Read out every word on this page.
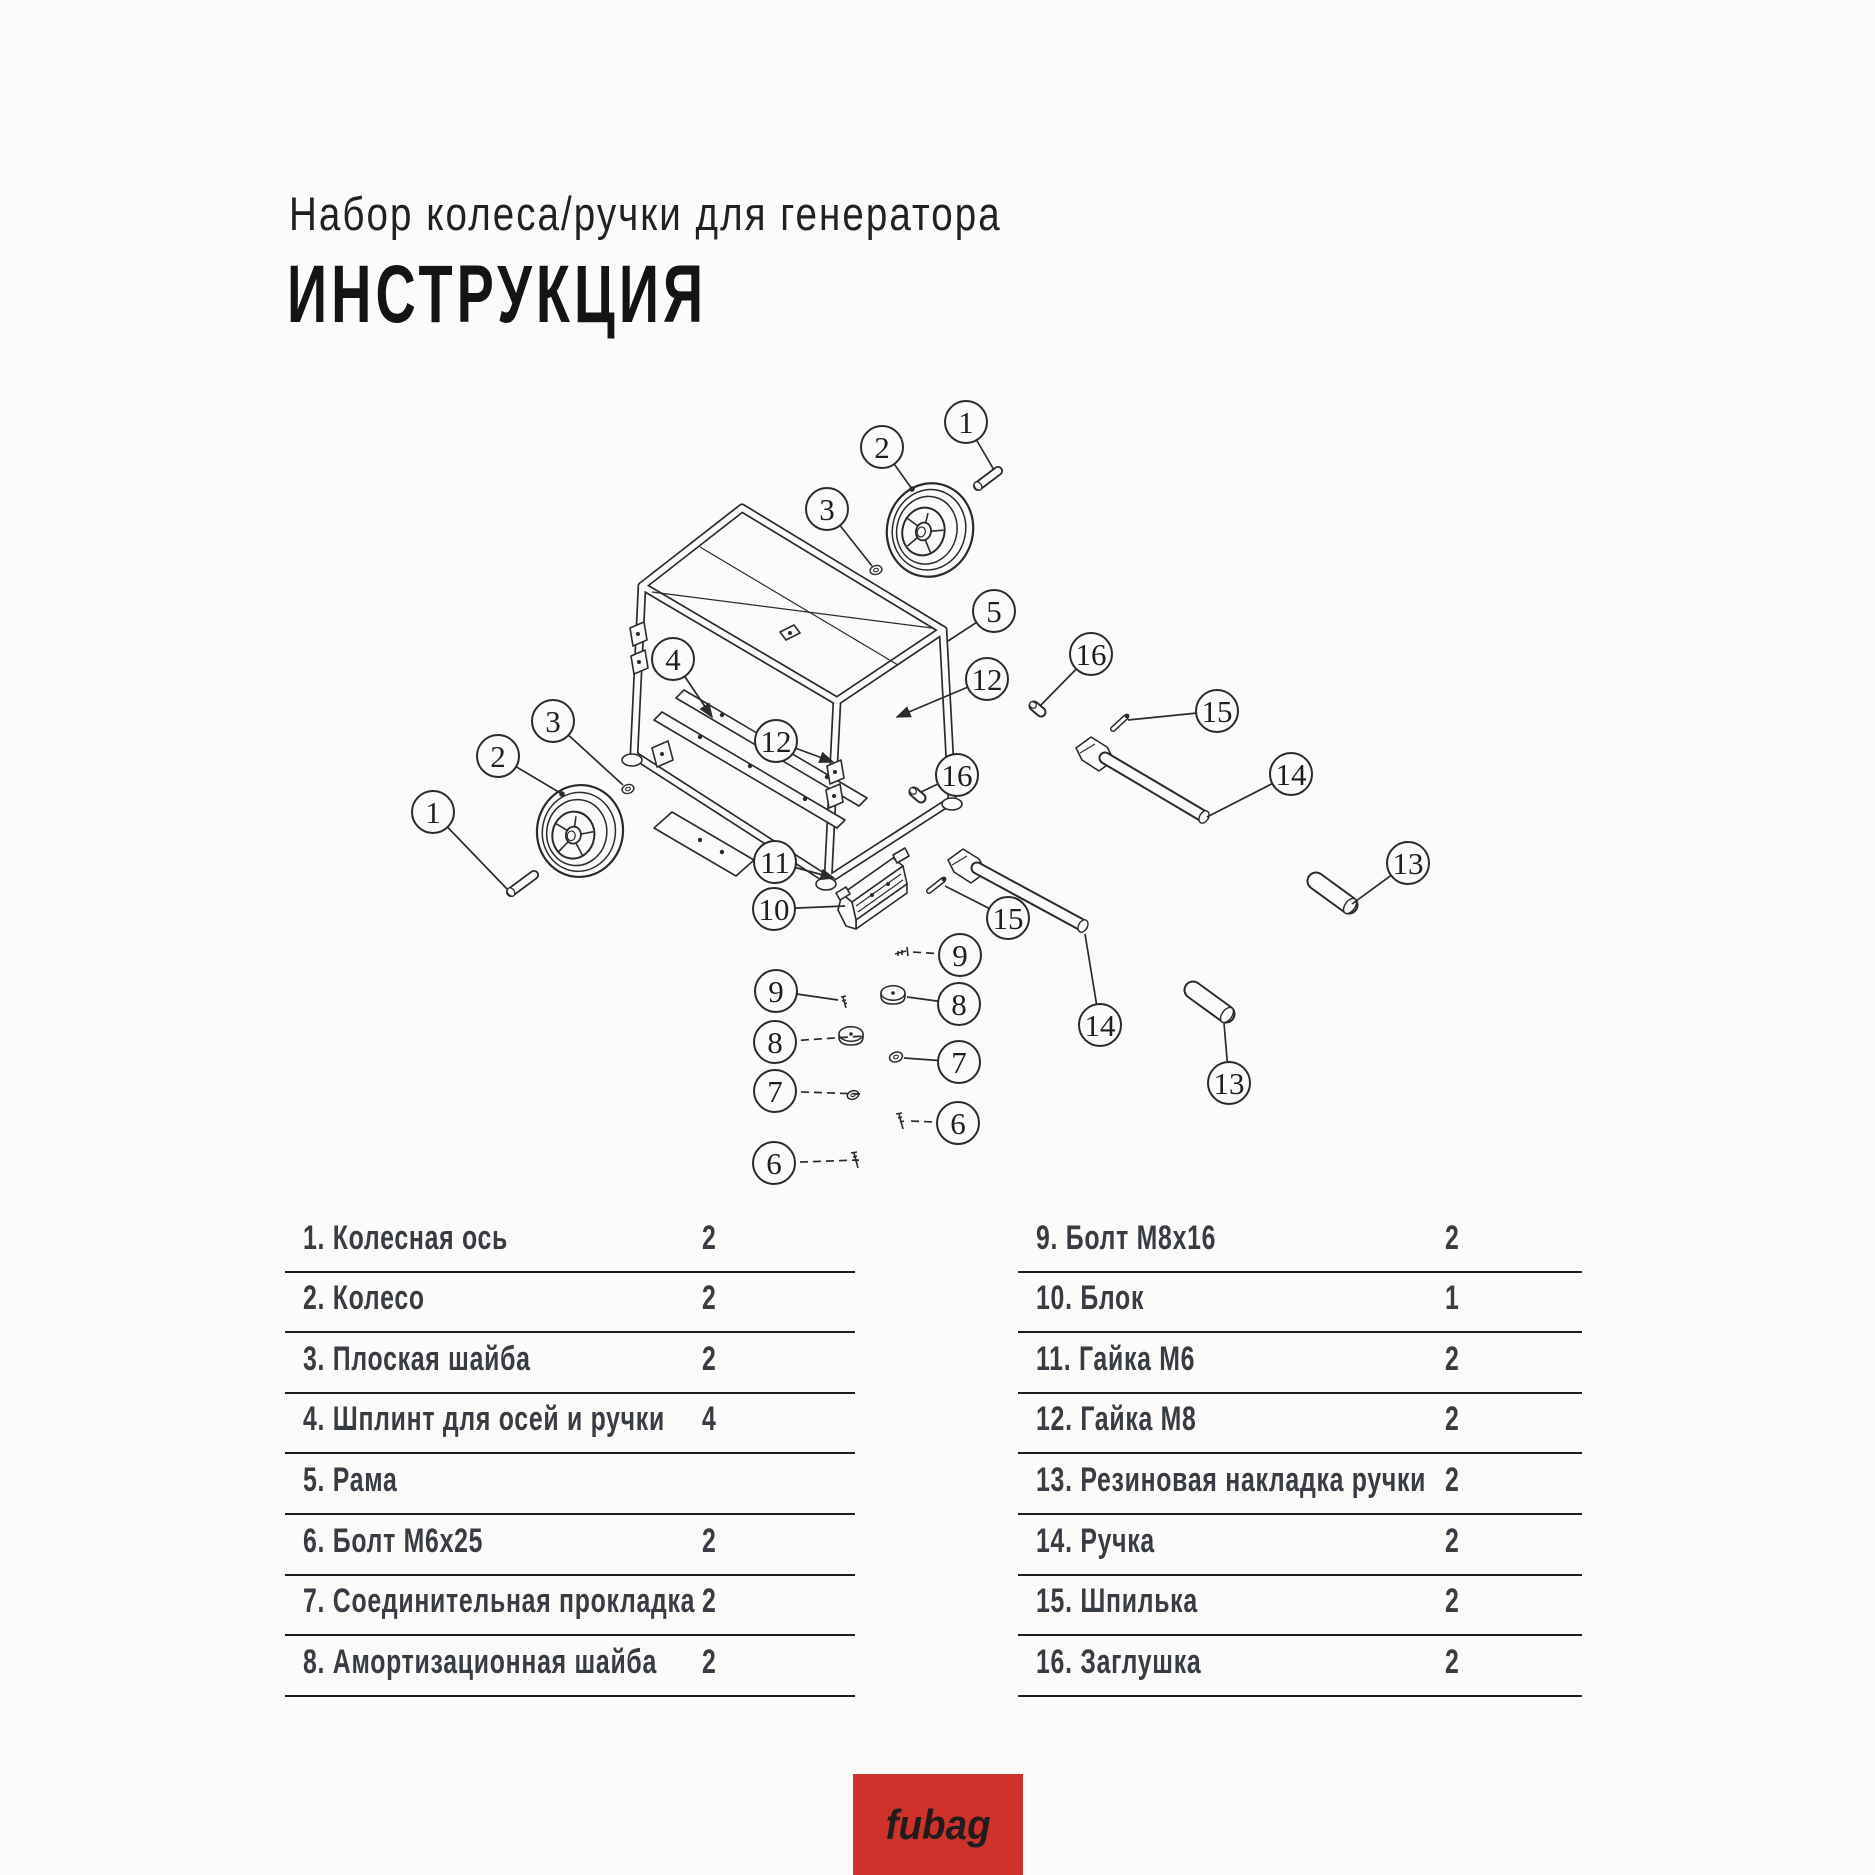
Набор колеса/ручки для генератора
ИНСТРУКЦИЯ
1
2
3
5
12
16
15
14
4
3
2
1
12
16
13
11
10	15
9
8
7
6
9
8
7
6
14
13
1. Колесная ось	2
2. Колесо	2
3. Плоская шайба	2
4. Шплинт для осей и ручки 4
5. Рама
6. Болт М6х25	2
7. Соединительная прокладка 2
8. Амортизационная шайба 2
9. Болт М8х16	2
10. Блок	1
11. Гайка М6	2
12. Гайка М8	2
13. Резиновая накладка ручки 2
14. Ручка	2
15. Шпилька	2
16. Заглушка	2
fubag
